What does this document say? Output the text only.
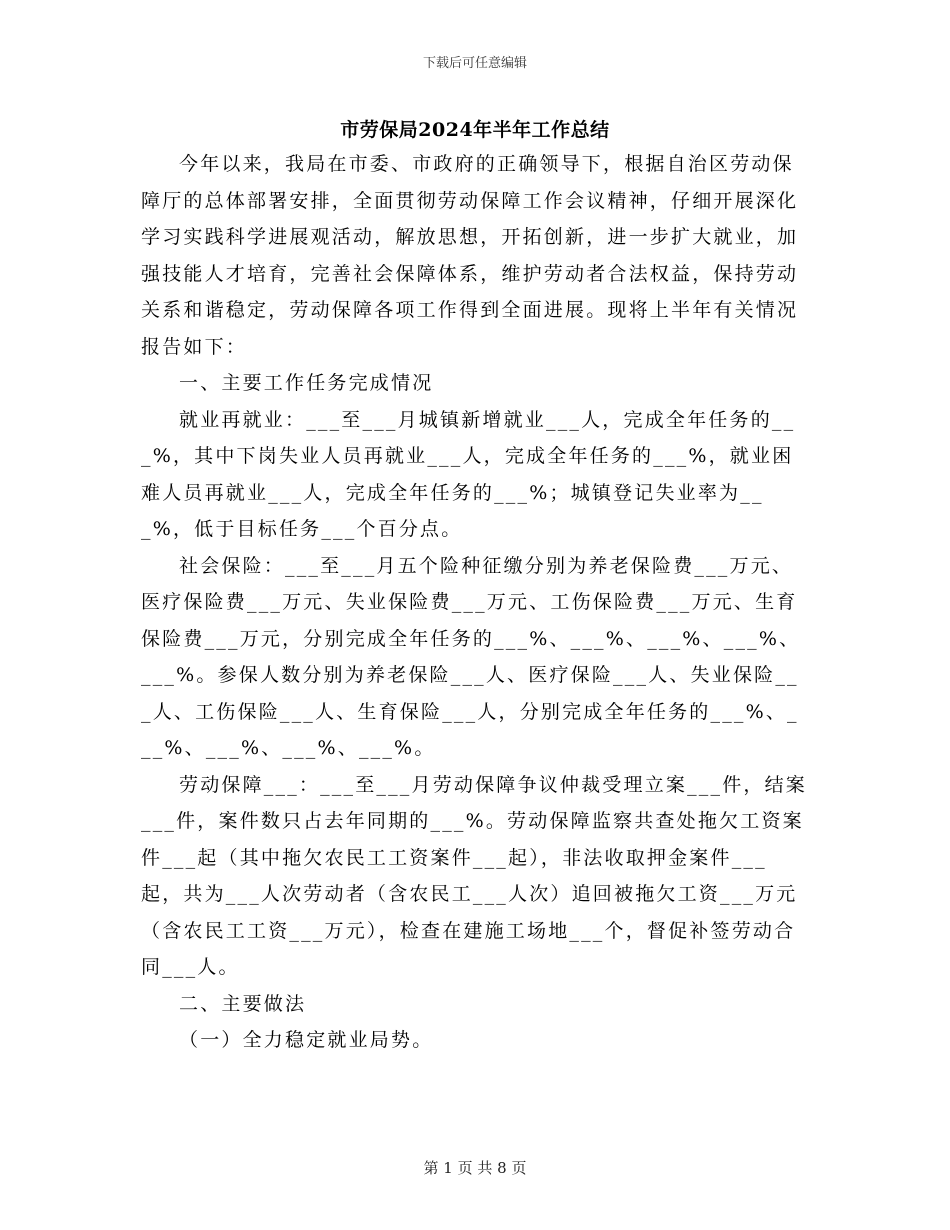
下载后可任意编辑
市劳保局2024年半年工作总结

今年以来，我局在市委、市政府的正确领导下，根据自治区劳动保障厅的总体部署安排，全面贯彻劳动保障工作会议精神，仔细开展深化学习实践科学进展观活动，解放思想，开拓创新，进一步扩大就业，加强技能人才培育，完善社会保障体系，维护劳动者合法权益，保持劳动关系和谐稳定，劳动保障各项工作得到全面进展。现将上半年有关情况报告如下：

一、主要工作任务完成情况

就业再就业：___至___月城镇新增就业___人，完成全年任务的___%，其中下岗失业人员再就业___人，完成全年任务的___%，就业困难人员再就业___人，完成全年任务的___%；城镇登记失业率为___%，低于目标任务___个百分点。

社会保险：___至___月五个险种征缴分别为养老保险费___万元、医疗保险费___万元、失业保险费___万元、工伤保险费___万元、生育保险费___万元，分别完成全年任务的___%、___%、___%、___%、___%。参保人数分别为养老保险___人、医疗保险___人、失业保险___人、工伤保险___人、生育保险___人，分别完成全年任务的___%、___%、___%、___%、___%。

劳动保障___：___至___月劳动保障争议仲裁受理立案___件，结案___件，案件数只占去年同期的___%。劳动保障监察共查处拖欠工资案件___起（其中拖欠农民工工资案件___起），非法收取押金案件___起，共为___人次劳动者（含农民工___人次）追回被拖欠工资___万元（含农民工工资___万元），检查在建施工场地___个，督促补签劳动合同___人。

二、主要做法

（一）全力稳定就业局势。

第 1 页 共 8 页
